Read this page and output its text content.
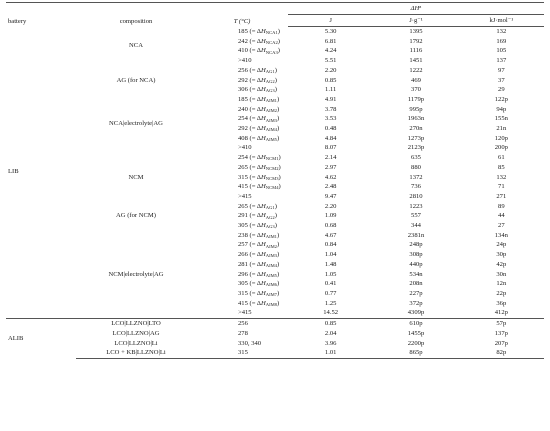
battery	composition	T (°C)	$\Delta H^a$
			J	J·g⁻¹	kJ·mol⁻¹
LIB	NCA	185 (= $\Delta H_{NCA1}$)	5.30	1395	132
		242 (= $\Delta H_{NCA2}$)	6.81	1792	169
		410 (= $\Delta H_{NCA3}$)	4.24	1116	105
		>410	5.51	1451	137
	AG (for NCA)	256 (= $\Delta H_{AG1}$)	2.20	1222	97
		292 (= $\Delta H_{AG2}$)	0.85	469	37
		306 (= $\Delta H_{AG3}$)	1.11	370	29
	NCA|electrolyte|AG	185 (= $\Delta H_{AIM1}$)	4.91	1179p	122p
		240 (= $\Delta H_{AIM2}$)	3.78	995p	94p
		254 (= $\Delta H_{AIM3}$)	3.53	1963n	155n
		292 (= $\Delta H_{AIM4}$)	0.48	270n	21n
		408 (= $\Delta H_{AIM5}$)	4.84	1273p	120p
		>410	8.07	2123p	200p
	NCM	254 (= $\Delta H_{NCM1}$)	2.14	635	61
		265 (= $\Delta H_{NCM2}$)	2.97	880	85
		315 (= $\Delta H_{NCM3}$)	4.62	1372	132
		415 (= $\Delta H_{NCM4}$)	2.48	736	71
		>415	9.47	2810	271
	AG (for NCM)	265 (= $\Delta H_{AG1}$)	2.20	1223	89
		291 (= $\Delta H_{AG2}$)	1.09	557	44
		305 (= $\Delta H_{AG3}$)	0.68	344	27
	NCM|electrolyte|AG	238 (= $\Delta H_{AIM1}$)	4.67	2381n	134n
		257 (= $\Delta H_{AIM2}$)	0.84	248p	24p
		266 (= $\Delta H_{AIM3}$)	1.04	308p	30p
		281 (= $\Delta H_{AIM4}$)	1.48	440p	42p
		296 (= $\Delta H_{AIM5}$)	1.05	534n	30n
		305 (= $\Delta H_{AIM6}$)	0.41	208n	12n
		315 (= $\Delta H_{AIM7}$)	0.77	227p	22p
		415 (= $\Delta H_{AIM8}$)	1.25	372p	36p
		>415	14.52	4309p	412p
ALIB	LCO|LLZNO|LTO	256	0.85	610p	57p
	LCO|LLZNO|AG	278	2.04	1455p	137p
	LCO|LLZNO|Li	330, 340	3.96	2200p	207p
	LCO + KB|LLZNO|Li	315	1.01	865p	82p
